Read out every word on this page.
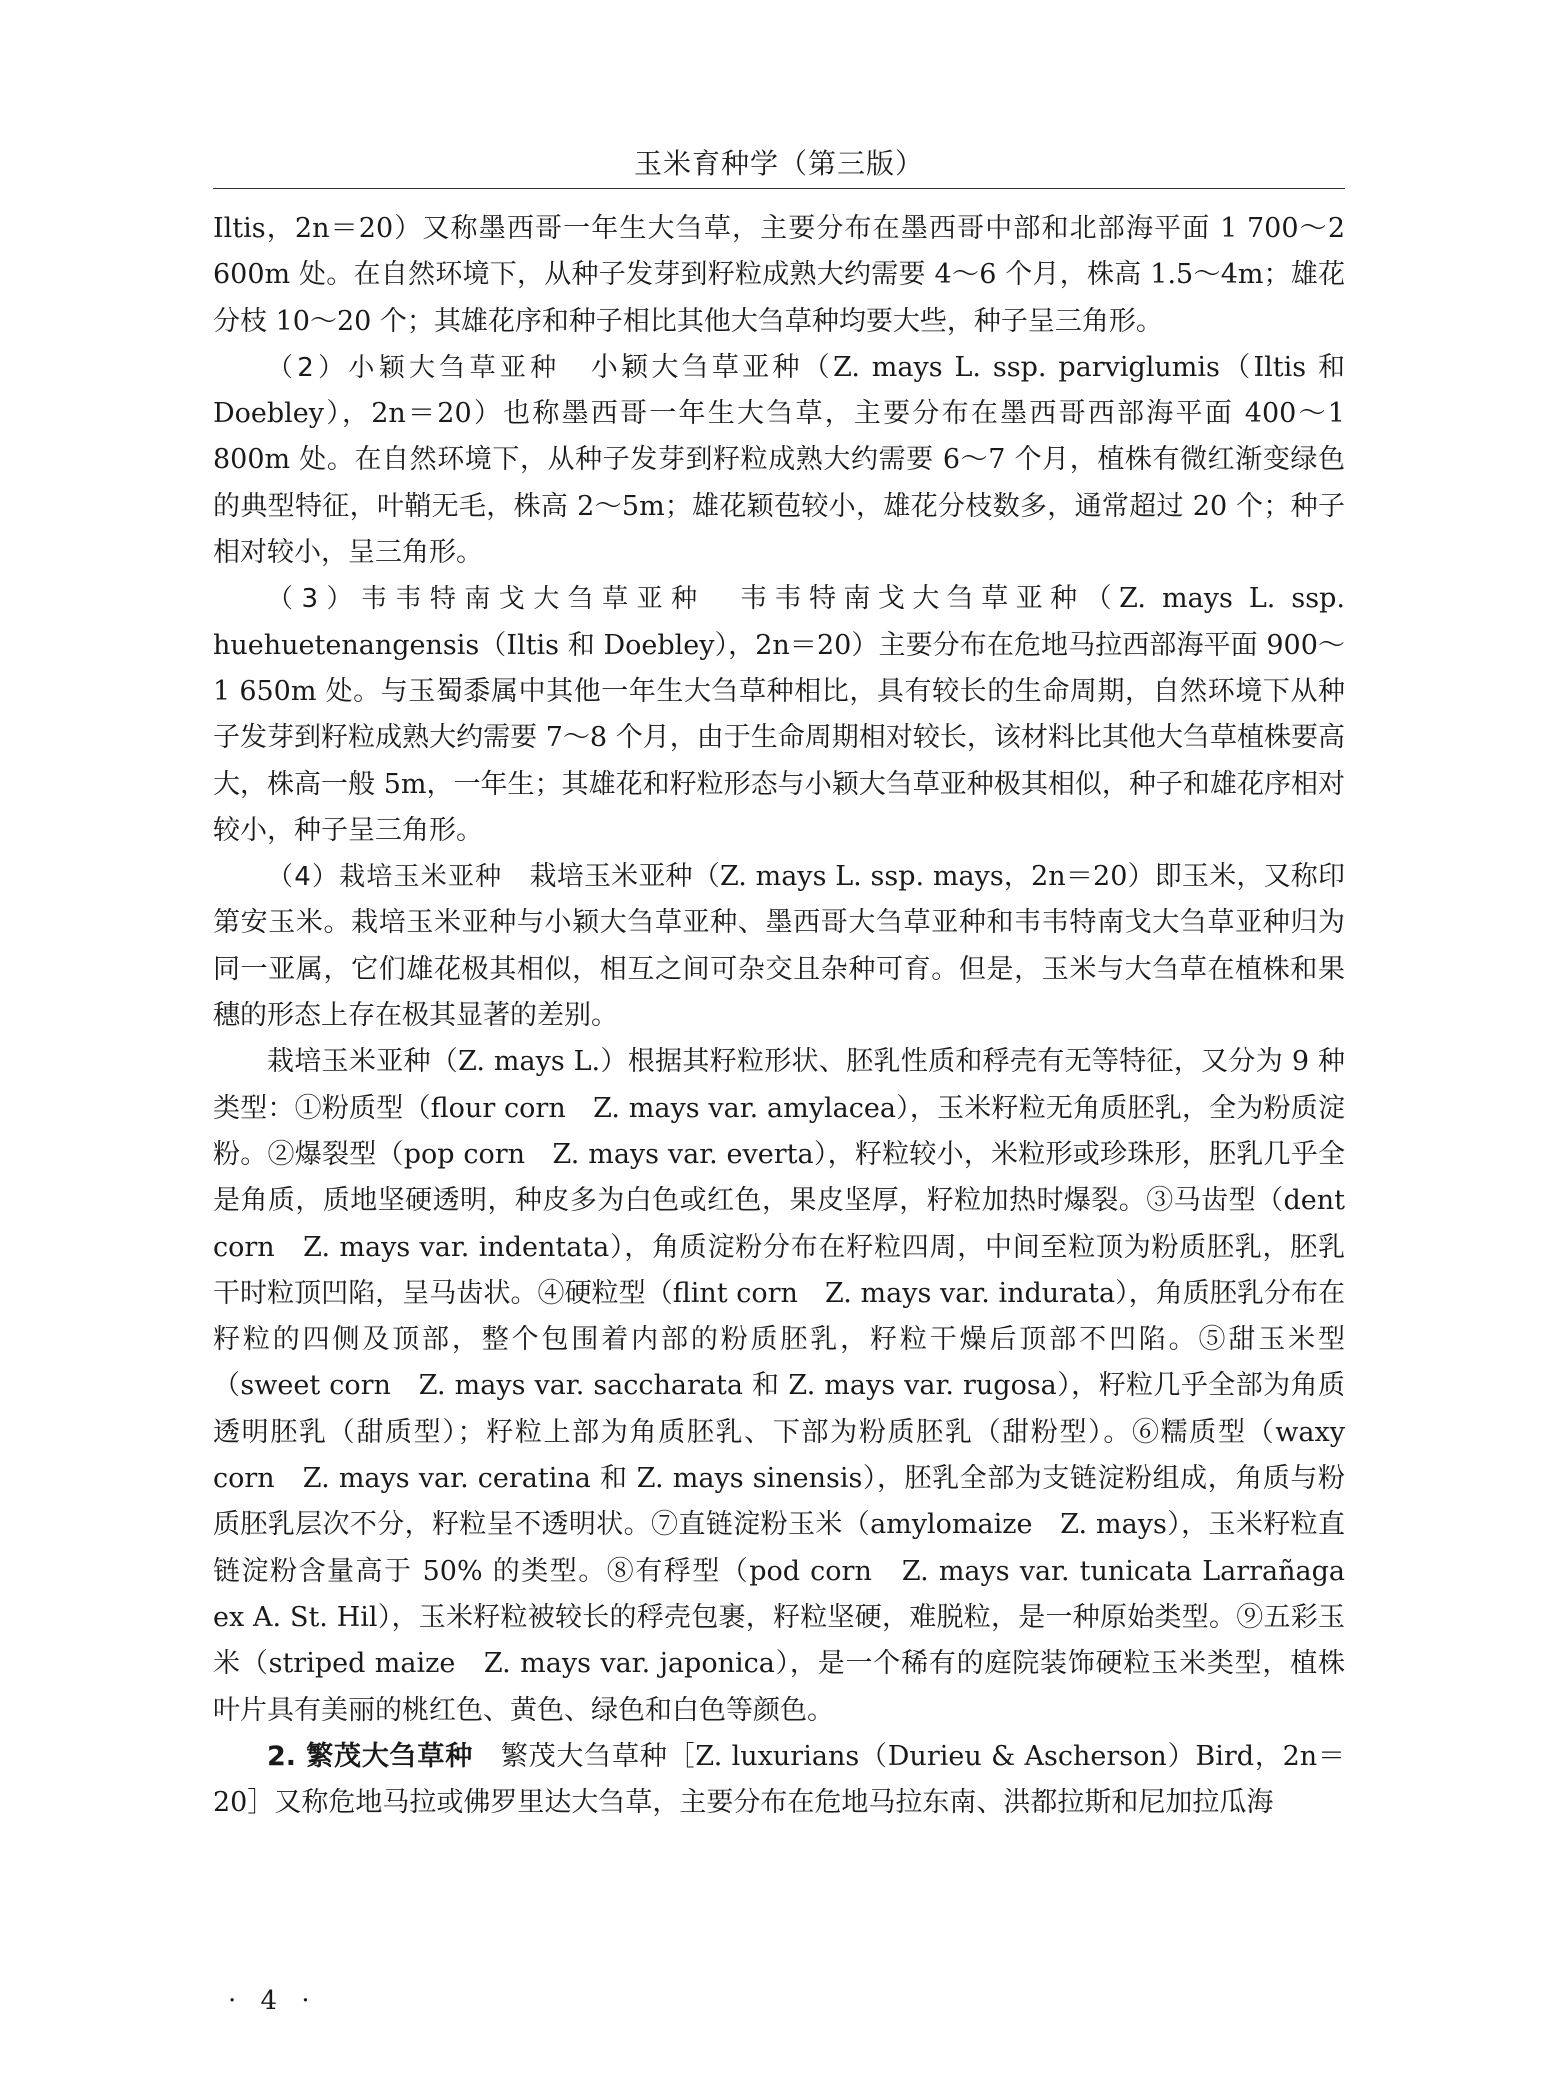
玉米育种学（第三版）

Iltis，2n＝20）又称墨西哥一年生大刍草，主要分布在墨西哥中部和北部海平面 1 700～2 600m 处。在自然环境下，从种子发芽到籽粒成熟大约需要 4～6 个月，株高 1.5～4m；雄花分枝 10～20 个；其雄花序和种子相比其他大刍草种均要大些，种子呈三角形。

（2）小颖大刍草亚种　小颖大刍草亚种（Z. mays L. ssp. parviglumis（Iltis 和 Doebley），2n＝20）也称墨西哥一年生大刍草，主要分布在墨西哥西部海平面 400～1 800m 处。在自然环境下，从种子发芽到籽粒成熟大约需要 6～7 个月，植株有微红渐变绿色的典型特征，叶鞘无毛，株高 2～5m；雄花颖苞较小，雄花分枝数多，通常超过 20 个；种子相对较小，呈三角形。

（3）韦韦特南戈大刍草亚种　韦韦特南戈大刍草亚种（Z. mays L. ssp. huehuetenangensis（Iltis 和 Doebley），2n＝20）主要分布在危地马拉西部海平面 900～1 650m 处。与玉蜀黍属中其他一年生大刍草种相比，具有较长的生命周期，自然环境下从种子发芽到籽粒成熟大约需要 7～8 个月，由于生命周期相对较长，该材料比其他大刍草植株要高大，株高一般 5m，一年生；其雄花和籽粒形态与小颖大刍草亚种极其相似，种子和雄花序相对较小，种子呈三角形。

（4）栽培玉米亚种　栽培玉米亚种（Z. mays L. ssp. mays，2n＝20）即玉米，又称印第安玉米。栽培玉米亚种与小颖大刍草亚种、墨西哥大刍草亚种和韦韦特南戈大刍草亚种归为同一亚属，它们雄花极其相似，相互之间可杂交且杂种可育。但是，玉米与大刍草在植株和果穗的形态上存在极其显著的差别。

栽培玉米亚种（Z. mays L.）根据其籽粒形状、胚乳性质和稃壳有无等特征，又分为 9 种类型：①粉质型（flour corn　Z. mays var. amylacea），玉米籽粒无角质胚乳，全为粉质淀粉。②爆裂型（pop corn　Z. mays var. everta），籽粒较小，米粒形或珍珠形，胚乳几乎全是角质，质地坚硬透明，种皮多为白色或红色，果皮坚厚，籽粒加热时爆裂。③马齿型（dent corn　Z. mays var. indentata），角质淀粉分布在籽粒四周，中间至粒顶为粉质胚乳，胚乳干时粒顶凹陷，呈马齿状。④硬粒型（flint corn　Z. mays var. indurata），角质胚乳分布在籽粒的四侧及顶部，整个包围着内部的粉质胚乳，籽粒干燥后顶部不凹陷。⑤甜玉米型（sweet corn　Z. mays var. saccharata 和 Z. mays var. rugosa），籽粒几乎全部为角质透明胚乳（甜质型）；籽粒上部为角质胚乳、下部为粉质胚乳（甜粉型）。⑥糯质型（waxy corn　Z. mays var. ceratina 和 Z. mays sinensis），胚乳全部为支链淀粉组成，角质与粉质胚乳层次不分，籽粒呈不透明状。⑦直链淀粉玉米（amylomaize　Z. mays），玉米籽粒直链淀粉含量高于 50% 的类型。⑧有稃型（pod corn　Z. mays var. tunicata Larrañaga ex A. St. Hil），玉米籽粒被较长的稃壳包裹，籽粒坚硬，难脱粒，是一种原始类型。⑨五彩玉米（striped maize　Z. mays var. japonica），是一个稀有的庭院装饰硬粒玉米类型，植株叶片具有美丽的桃红色、黄色、绿色和白色等颜色。

2. 繁茂大刍草种　繁茂大刍草种［Z. luxurians（Durieu & Ascherson）Bird，2n＝20］又称危地马拉或佛罗里达大刍草，主要分布在危地马拉东南、洪都拉斯和尼加拉瓜海

· 4 ·
